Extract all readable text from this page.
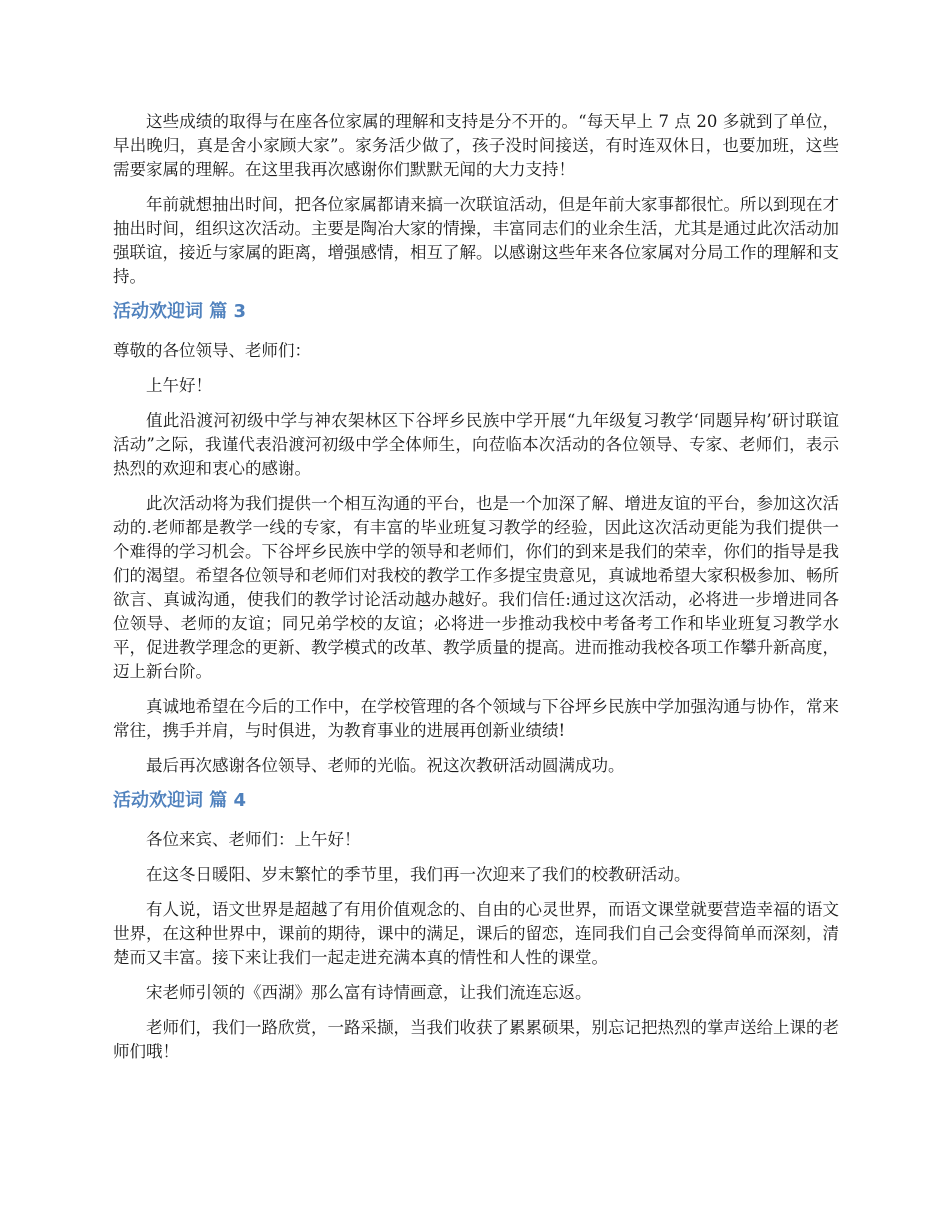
这些成绩的取得与在座各位家属的理解和支持是分不开的。“每天早上 7 点 20 多就到了单位，早出晚归，真是舍小家顾大家”。家务活少做了，孩子没时间接送，有时连双休日，也要加班，这些需要家属的理解。在这里我再次感谢你们默默无闻的大力支持！

年前就想抽出时间，把各位家属都请来搞一次联谊活动，但是年前大家事都很忙。所以到现在才抽出时间，组织这次活动。主要是陶冶大家的情操，丰富同志们的业余生活，尤其是通过此次活动加强联谊，接近与家属的距离，增强感情，相互了解。以感谢这些年来各位家属对分局工作的理解和支持。

活动欢迎词 篇 3

尊敬的各位领导、老师们：

上午好！

值此沿渡河初级中学与神农架林区下谷坪乡民族中学开展“九年级复习教学‘同题异构’研讨联谊活动”之际，我谨代表沿渡河初级中学全体师生，向莅临本次活动的各位领导、专家、老师们，表示热烈的欢迎和衷心的感谢。

此次活动将为我们提供一个相互沟通的平台，也是一个加深了解、增进友谊的平台，参加这次活动的.老师都是教学一线的专家，有丰富的毕业班复习教学的经验，因此这次活动更能为我们提供一个难得的学习机会。下谷坪乡民族中学的领导和老师们，你们的到来是我们的荣幸，你们的指导是我们的渴望。希望各位领导和老师们对我校的教学工作多提宝贵意见，真诚地希望大家积极参加、畅所欲言、真诚沟通，使我们的教学讨论活动越办越好。我们信任:通过这次活动，必将进一步增进同各位领导、老师的友谊；同兄弟学校的友谊；必将进一步推动我校中考备考工作和毕业班复习教学水平，促进教学理念的更新、教学模式的改革、教学质量的提高。进而推动我校各项工作攀升新高度，迈上新台阶。

真诚地希望在今后的工作中，在学校管理的各个领域与下谷坪乡民族中学加强沟通与协作，常来常往，携手并肩，与时俱进，为教育事业的进展再创新业绩绩!

最后再次感谢各位领导、老师的光临。祝这次教研活动圆满成功。

活动欢迎词 篇 4

各位来宾、老师们：上午好！

在这冬日暖阳、岁末繁忙的季节里，我们再一次迎来了我们的校教研活动。

有人说，语文世界是超越了有用价值观念的、自由的心灵世界，而语文课堂就要营造幸福的语文世界，在这种世界中，课前的期待，课中的满足，课后的留恋，连同我们自己会变得简单而深刻，清楚而又丰富。接下来让我们一起走进充满本真的情性和人性的课堂。

宋老师引领的《西湖》那么富有诗情画意，让我们流连忘返。

老师们，我们一路欣赏，一路采撷，当我们收获了累累硕果，别忘记把热烈的掌声送给上课的老师们哦！
